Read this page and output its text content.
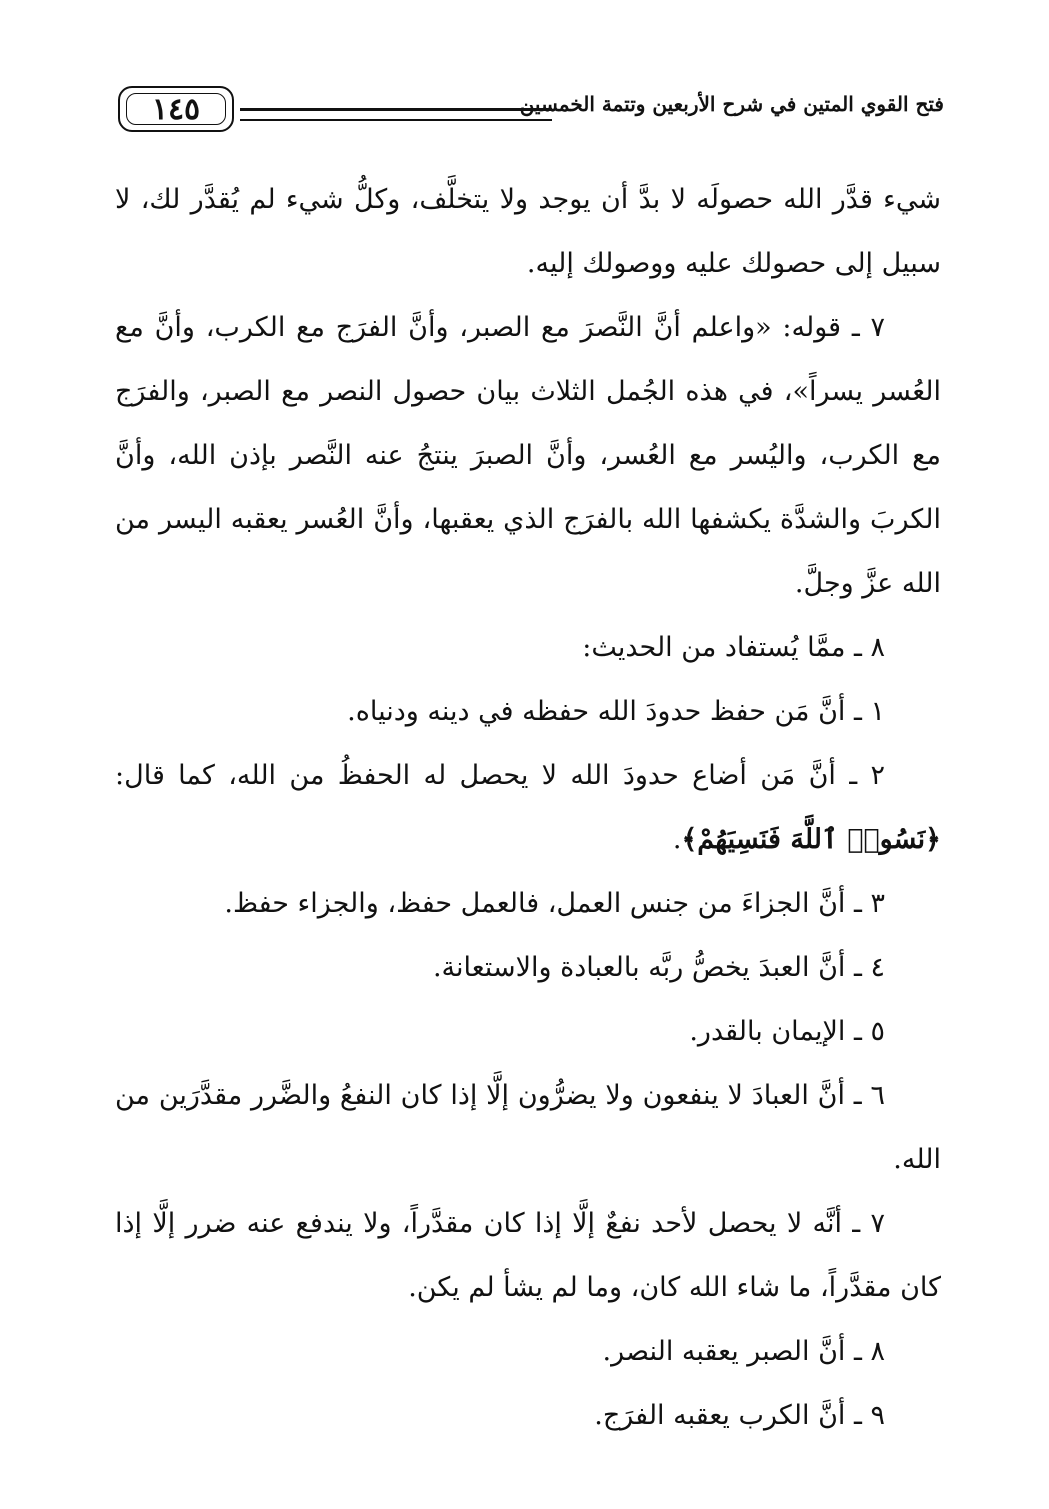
فتح القوي المتين في شرح الأربعين وتتمة الخمسين
١٤٥

شيء قدَّر الله حصولَه لا بدَّ أن يوجد ولا يتخلَّف، وكلُّ شيء لم يُقدَّر لك، لا سبيل إلى حصولك عليه ووصولك إليه.

٧ ـ قوله: «واعلم أنَّ النَّصرَ مع الصبر، وأنَّ الفرَج مع الكرب، وأنَّ مع العُسر يسراً»، في هذه الجُمل الثلاث بيان حصول النصر مع الصبر، والفرَج مع الكرب، واليُسر مع العُسر، وأنَّ الصبرَ ينتجُ عنه النَّصر بإذن الله، وأنَّ الكربَ والشدَّة يكشفها الله بالفرَج الذي يعقبها، وأنَّ العُسر يعقبه اليسر من الله عزَّ وجلَّ.

٨ ـ ممَّا يُستفاد من الحديث:

١ ـ أنَّ مَن حفظ حدودَ الله حفظه في دينه ودنياه.

٢ ـ أنَّ مَن أضاع حدودَ الله لا يحصل له الحفظُ من الله، كما قال: ﴿نَسُوا۟ ٱللَّهَ فَنَسِيَهُمْ﴾.

٣ ـ أنَّ الجزاءَ من جنس العمل، فالعمل حفظ، والجزاء حفظ.

٤ ـ أنَّ العبدَ يخصُّ ربَّه بالعبادة والاستعانة.

٥ ـ الإيمان بالقدر.

٦ ـ أنَّ العبادَ لا ينفعون ولا يضرُّون إلَّا إذا كان النفعُ والضَّرر مقدَّرَين من الله.

٧ ـ أنَّه لا يحصل لأحد نفعٌ إلَّا إذا كان مقدَّراً، ولا يندفع عنه ضرر إلَّا إذا كان مقدَّراً، ما شاء الله كان، وما لم يشأ لم يكن.

٨ ـ أنَّ الصبر يعقبه النصر.

٩ ـ أنَّ الكرب يعقبه الفرَج.
